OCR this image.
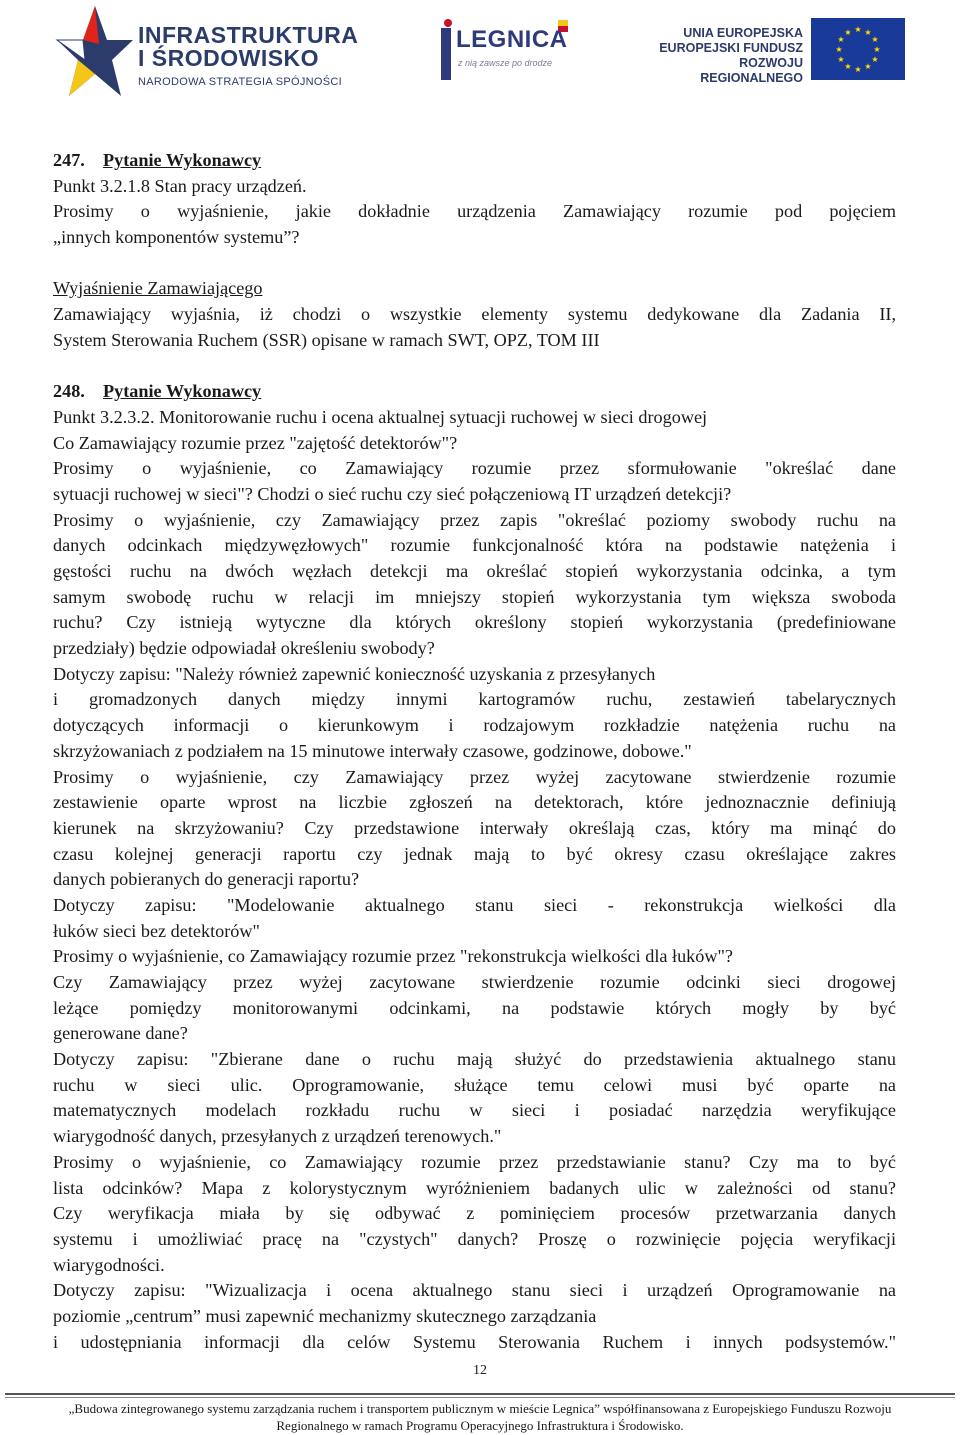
INFRASTRUKTURA
I ŚRODOWISKO
NARODOWA STRATEGIA SPÓJNOŚCI
LEGNICA
z nią zawsze po drodze
UNIA EUROPEJSKA
EUROPEJSKI FUNDUSZ
ROZWOJU REGIONALNEGO
★ ★
★
★
★
★
★
★
★
★
★
★
247. Pytanie Wykonawcy
Punkt 3.2.1.8 Stan pracy urządzeń.
Prosimy o wyjaśnienie, jakie dokładnie urządzenia Zamawiający rozumie pod pojęciem
„innych komponentów systemu”?
Wyjaśnienie Zamawiającego
Zamawiający wyjaśnia, iż chodzi o wszystkie elementy systemu dedykowane dla Zadania II,
System Sterowania Ruchem (SSR) opisane w ramach SWT, OPZ, TOM III
248. Pytanie Wykonawcy
Punkt 3.2.3.2. Monitorowanie ruchu i ocena aktualnej sytuacji ruchowej w sieci drogowej
Co Zamawiający rozumie przez "zajętość detektorów"?
Prosimy o wyjaśnienie, co Zamawiający rozumie przez sformułowanie "określać dane
sytuacji ruchowej w sieci"? Chodzi o sieć ruchu czy sieć połączeniową IT urządzeń detekcji?
Prosimy o wyjaśnienie, czy Zamawiający przez zapis "określać poziomy swobody ruchu na
danych odcinkach międzywęzłowych" rozumie funkcjonalność która na podstawie natężenia i
gęstości ruchu na dwóch węzłach detekcji ma określać stopień wykorzystania odcinka, a tym
samym swobodę ruchu w relacji im mniejszy stopień wykorzystania tym większa swoboda
ruchu? Czy istnieją wytyczne dla których określony stopień wykorzystania (predefiniowane
przedziały) będzie odpowiadał określeniu swobody?
Dotyczy zapisu: "Należy również zapewnić konieczność uzyskania z przesyłanych
i gromadzonych danych między innymi kartogramów ruchu, zestawień tabelarycznych
dotyczących informacji o kierunkowym i rodzajowym rozkładzie natężenia ruchu na
skrzyżowaniach z podziałem na 15 minutowe interwały czasowe, godzinowe, dobowe."
Prosimy o wyjaśnienie, czy Zamawiający przez wyżej zacytowane stwierdzenie rozumie
zestawienie oparte wprost na liczbie zgłoszeń na detektorach, które jednoznacznie definiują
kierunek na skrzyżowaniu? Czy przedstawione interwały określają czas, który ma minąć do
czasu kolejnej generacji raportu czy jednak mają to być okresy czasu określające zakres
danych pobieranych do generacji raportu?
Dotyczy zapisu: "Modelowanie aktualnego stanu sieci - rekonstrukcja wielkości dla
łuków sieci bez detektorów"
Prosimy o wyjaśnienie, co Zamawiający rozumie przez "rekonstrukcja wielkości dla łuków"?
Czy Zamawiający przez wyżej zacytowane stwierdzenie rozumie odcinki sieci drogowej
leżące pomiędzy monitorowanymi odcinkami, na podstawie których mogły by być
generowane dane?
Dotyczy zapisu: "Zbierane dane o ruchu mają służyć do przedstawienia aktualnego stanu
ruchu w sieci ulic. Oprogramowanie, służące temu celowi musi być oparte na
matematycznych modelach rozkładu ruchu w sieci i posiadać narzędzia weryfikujące
wiarygodność danych, przesyłanych z urządzeń terenowych."
Prosimy o wyjaśnienie, co Zamawiający rozumie przez przedstawianie stanu? Czy ma to być
lista odcinków? Mapa z kolorystycznym wyróżnieniem badanych ulic w zależności od stanu?
Czy weryfikacja miała by się odbywać z pominięciem procesów przetwarzania danych
systemu i umożliwiać pracę na "czystych" danych? Proszę o rozwinięcie pojęcia weryfikacji
wiarygodności.
Dotyczy zapisu: "Wizualizacja i ocena aktualnego stanu sieci i urządzeń Oprogramowanie na
poziomie „centrum” musi zapewnić mechanizmy skutecznego zarządzania
i udostępniania informacji dla celów Systemu Sterowania Ruchem i innych podsystemów."
12
„Budowa zintegrowanego systemu zarządzania ruchem i transportem publicznym w mieście Legnica” współfinansowana z Europejskiego Funduszu Rozwoju
Regionalnego w ramach Programu Operacyjnego Infrastruktura i Środowisko.
